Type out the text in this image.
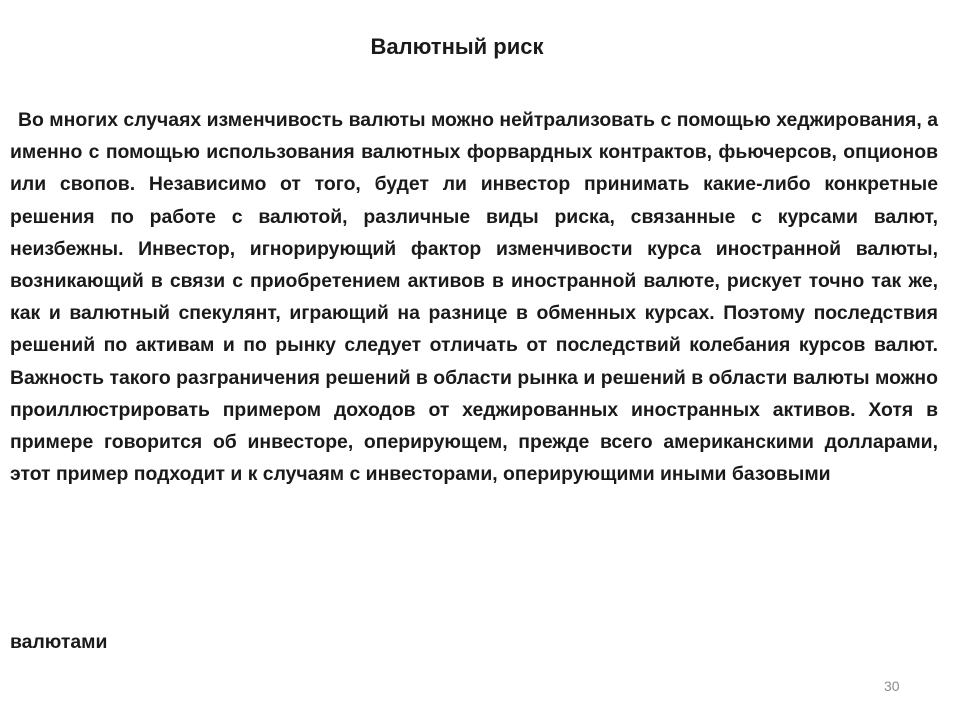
Валютный риск

Во многих случаях изменчивость валюты можно нейтрализовать с помощью хеджирования, а именно с помощью использования валютных форвардных контрактов, фьючерсов, опционов или свопов. Независимо от того, будет ли инвестор принимать какие-либо конкретные решения по работе с валютой, различные виды риска, связанные с курсами валют, неизбежны. Инвестор, игнорирующий фактор изменчивости курса иностранной валюты, возникающий в связи с приобретением активов в иностранной валюте, рискует точно так же, как и валютный спекулянт, играющий на разнице в обменных курсах. Поэтому последствия решений по активам и по рынку следует отличать от последствий колебания курсов валют. Важность такого разграничения решений в области рынка и решений в области валюты можно проиллюстрировать примером доходов от хеджированных иностранных активов. Хотя в примере говорится об инвесторе, оперирующем, прежде всего американскими долларами, этот пример подходит и к случаям с инвесторами, оперирующими иными базовыми

валютами

30
